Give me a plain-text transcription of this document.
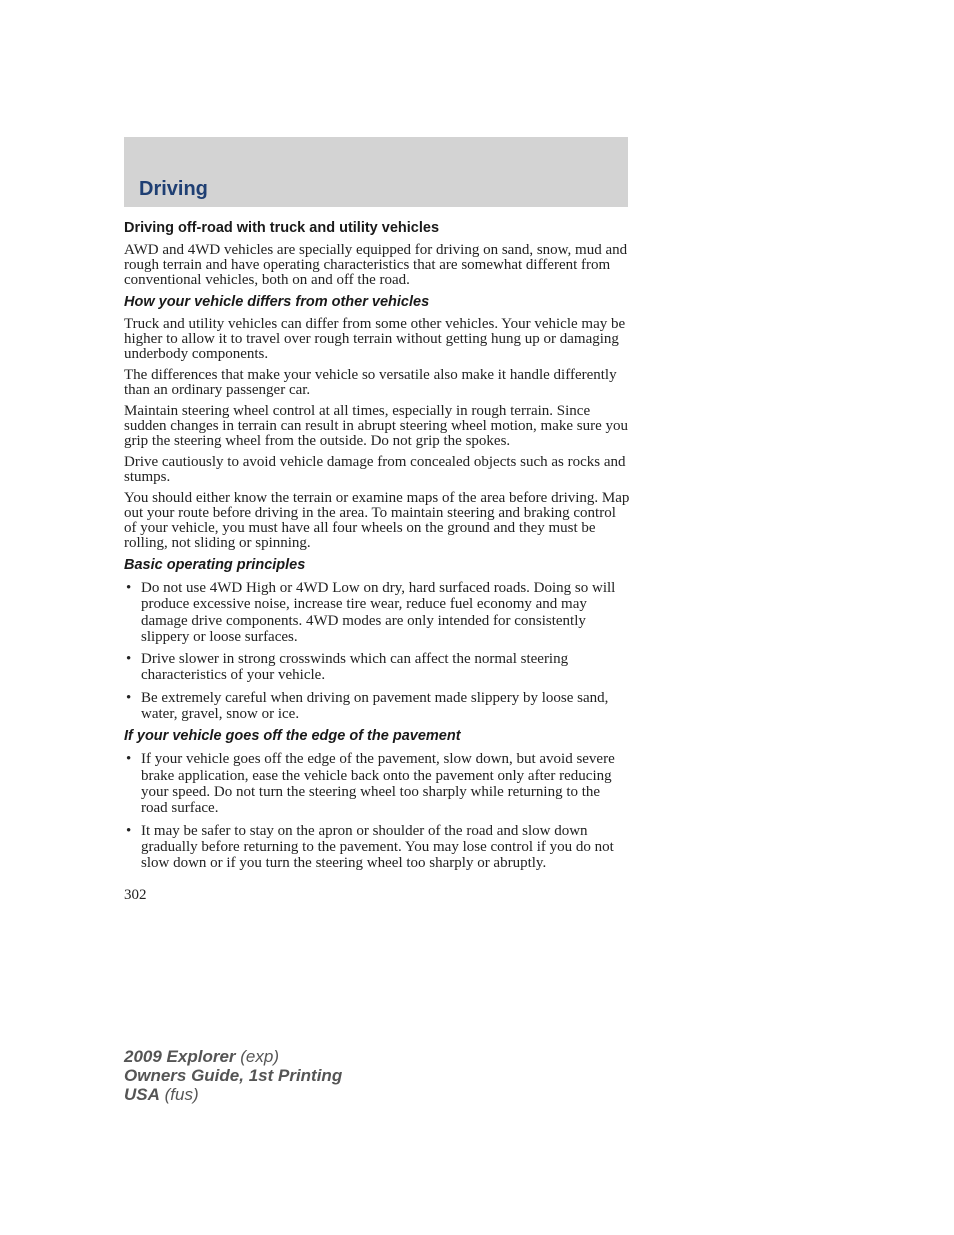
Driving
Driving off-road with truck and utility vehicles

AWD and 4WD vehicles are specially equipped for driving on sand, snow, mud and rough terrain and have operating characteristics that are somewhat different from conventional vehicles, both on and off the road.

How your vehicle differs from other vehicles

Truck and utility vehicles can differ from some other vehicles. Your vehicle may be higher to allow it to travel over rough terrain without getting hung up or damaging underbody components.

The differences that make your vehicle so versatile also make it handle differently than an ordinary passenger car.

Maintain steering wheel control at all times, especially in rough terrain. Since sudden changes in terrain can result in abrupt steering wheel motion, make sure you grip the steering wheel from the outside. Do not grip the spokes.

Drive cautiously to avoid vehicle damage from concealed objects such as rocks and stumps.

You should either know the terrain or examine maps of the area before driving. Map out your route before driving in the area. To maintain steering and braking control of your vehicle, you must have all four wheels on the ground and they must be rolling, not sliding or spinning.

Basic operating principles
• Do not use 4WD High or 4WD Low on dry, hard surfaced roads. Doing so will produce excessive noise, increase tire wear, reduce fuel economy and may damage drive components. 4WD modes are only intended for consistently slippery or loose surfaces.
• Drive slower in strong crosswinds which can affect the normal steering characteristics of your vehicle.
• Be extremely careful when driving on pavement made slippery by loose sand, water, gravel, snow or ice.
If your vehicle goes off the edge of the pavement
• If your vehicle goes off the edge of the pavement, slow down, but avoid severe brake application, ease the vehicle back onto the pavement only after reducing your speed. Do not turn the steering wheel too sharply while returning to the road surface.
• It may be safer to stay on the apron or shoulder of the road and slow down gradually before returning to the pavement. You may lose control if you do not slow down or if you turn the steering wheel too sharply or abruptly.
302
2009 Explorer (exp)
Owners Guide, 1st Printing
USA (fus)
